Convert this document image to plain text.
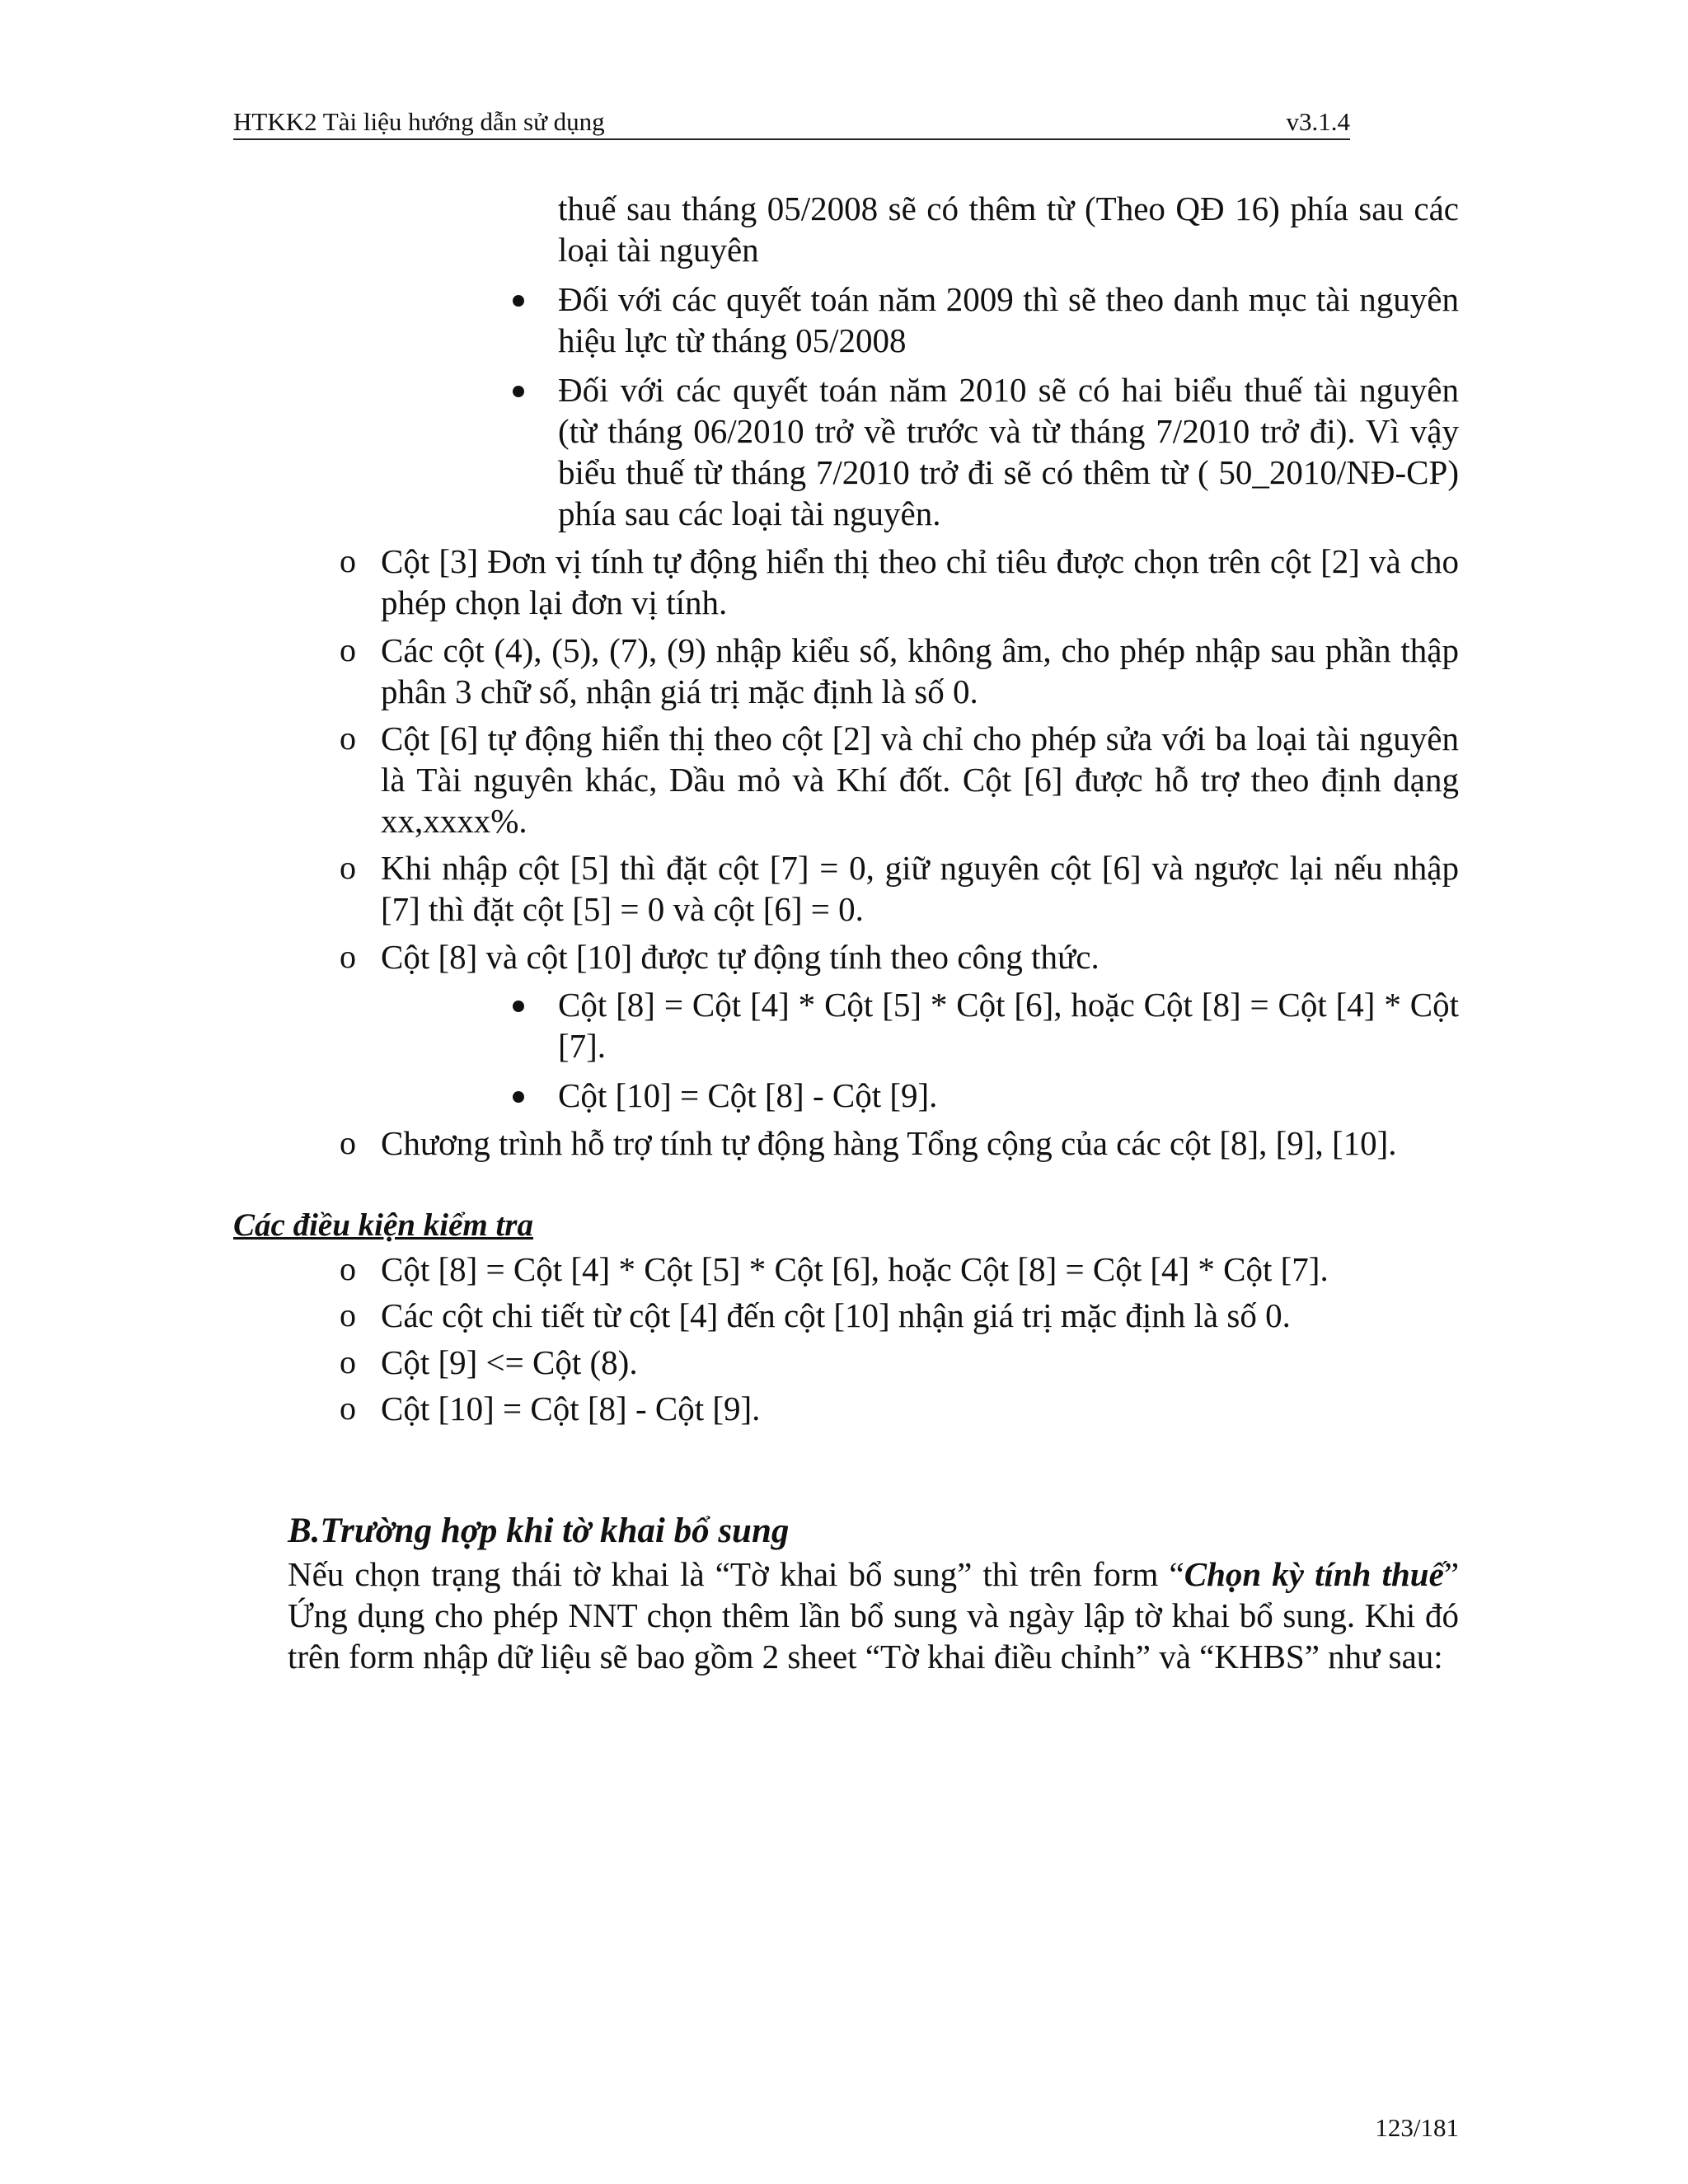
HTKK2 Tài liệu hướng dẫn sử dụng	v3.1.4
thuế sau tháng 05/2008 sẽ có thêm từ (Theo QĐ 16) phía sau các loại tài nguyên
Đối với các quyết toán năm 2009 thì sẽ theo danh mục tài nguyên hiệu lực từ tháng 05/2008
Đối với các quyết toán năm 2010 sẽ có hai biểu thuế tài nguyên (từ tháng 06/2010 trở về trước và từ tháng 7/2010 trở đi). Vì vậy biểu thuế từ tháng 7/2010 trở đi sẽ có thêm từ ( 50_2010/NĐ-CP) phía sau các loại tài nguyên.
o Cột [3] Đơn vị tính tự động hiển thị theo chỉ tiêu được chọn trên cột [2] và cho phép chọn lại đơn vị tính.
o Các cột (4), (5), (7), (9) nhập kiểu số, không âm, cho phép nhập sau phần thập phân 3 chữ số, nhận giá trị mặc định là số 0.
o Cột [6] tự động hiển thị theo cột [2] và chỉ cho phép sửa với ba loại tài nguyên là Tài nguyên khác, Dầu mỏ và Khí đốt. Cột [6] được hỗ trợ theo định dạng xx,xxxx%.
o Khi nhập cột [5] thì đặt cột [7] = 0, giữ nguyên cột [6] và ngược lại nếu nhập [7] thì đặt cột [5] = 0 và cột [6] = 0.
o Cột [8] và cột [10] được tự động tính theo công thức.
Cột [8] = Cột [4] * Cột [5] * Cột [6], hoặc Cột [8] = Cột [4] * Cột [7].
Cột [10] = Cột [8] - Cột [9].
o Chương trình hỗ trợ tính tự động hàng Tổng cộng của các cột [8], [9], [10].
Các điều kiện kiểm tra
o Cột [8] = Cột [4] * Cột [5] * Cột [6], hoặc Cột [8] = Cột [4] * Cột [7].
o Các cột chi tiết từ cột [4] đến cột [10] nhận giá trị mặc định là số 0.
o Cột [9] <= Cột (8).
o Cột [10] = Cột [8] - Cột [9].
B.Trường hợp khi tờ khai bổ sung
Nếu chọn trạng thái tờ khai là “Tờ khai bổ sung” thì trên form “Chọn kỳ tính thuế” Ứng dụng cho phép NNT chọn thêm lần bổ sung và ngày lập tờ khai bổ sung. Khi đó trên form nhập dữ liệu sẽ bao gồm 2 sheet “Tờ khai điều chỉnh” và “KHBS” như sau:
123/181
